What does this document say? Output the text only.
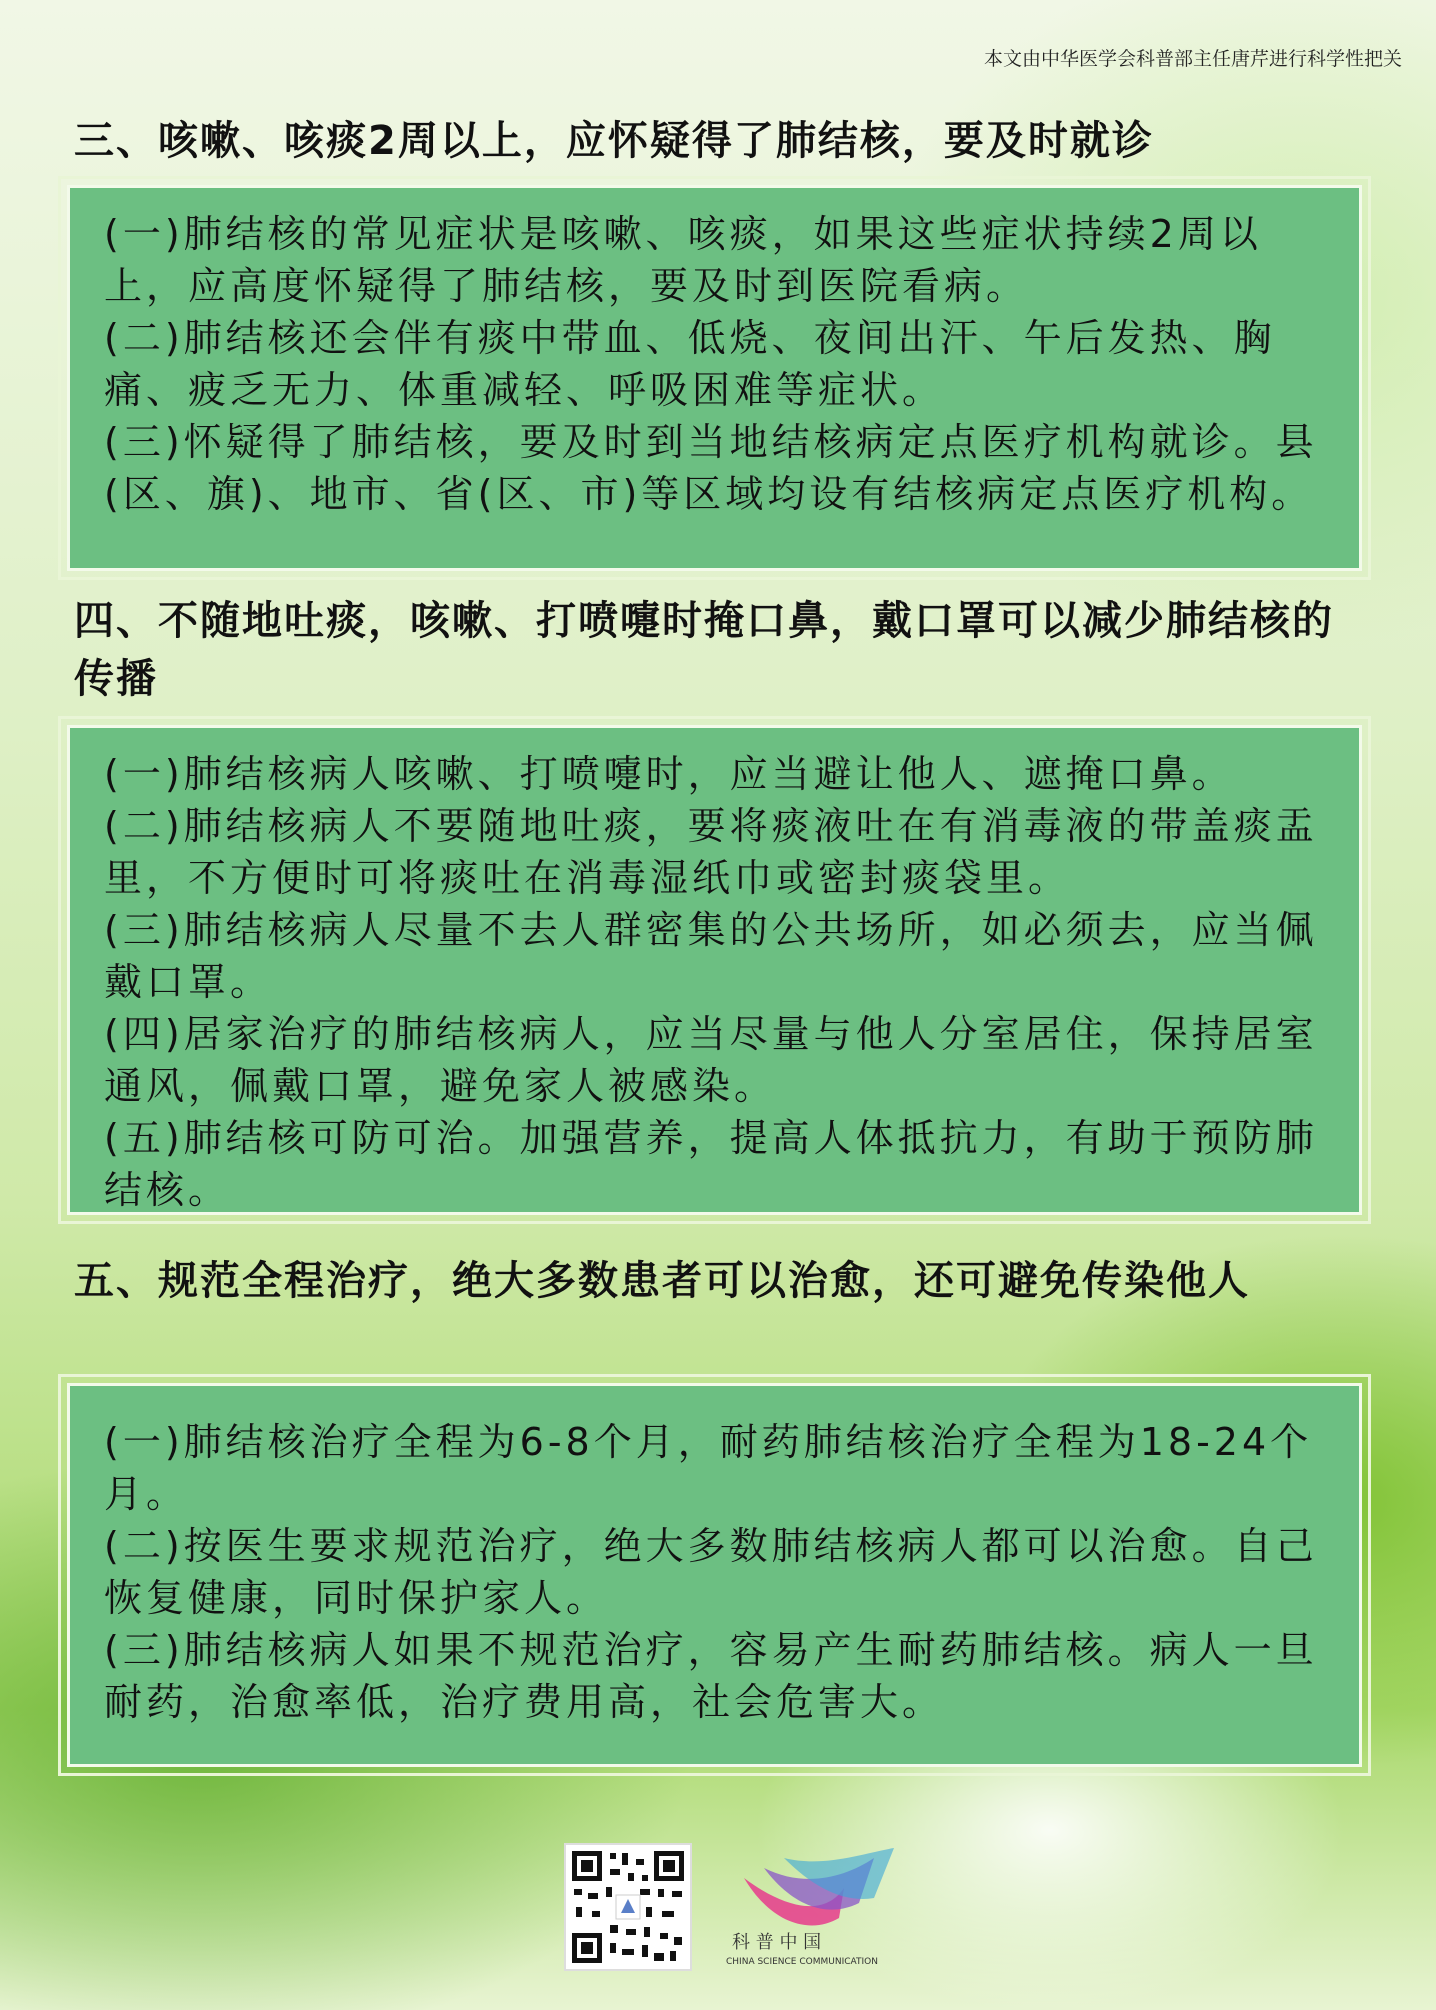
本文由中华医学会科普部主任唐芹进行科学性把关
三、咳嗽、咳痰2周以上，应怀疑得了肺结核，要及时就诊

(一)肺结核的常见症状是咳嗽、咳痰，如果这些症状持续2周以上，应高度怀疑得了肺结核，要及时到医院看病。

(二)肺结核还会伴有痰中带血、低烧、夜间出汗、午后发热、胸痛、疲乏无力、体重减轻、呼吸困难等症状。

(三)怀疑得了肺结核，要及时到当地结核病定点医疗机构就诊。县(区、旗)、地市、省(区、市)等区域均设有结核病定点医疗机构。

四、不随地吐痰，咳嗽、打喷嚏时掩口鼻，戴口罩可以减少肺结核的传播

(一)肺结核病人咳嗽、打喷嚏时，应当避让他人、遮掩口鼻。

(二)肺结核病人不要随地吐痰，要将痰液吐在有消毒液的带盖痰盂里，不方便时可将痰吐在消毒湿纸巾或密封痰袋里。

(三)肺结核病人尽量不去人群密集的公共场所，如必须去，应当佩戴口罩。

(四)居家治疗的肺结核病人，应当尽量与他人分室居住，保持居室通风，佩戴口罩，避免家人被感染。

(五)肺结核可防可治。加强营养，提高人体抵抗力，有助于预防肺结核。

五、规范全程治疗，绝大多数患者可以治愈，还可避免传染他人

(一)肺结核治疗全程为6-8个月，耐药肺结核治疗全程为18-24个月。

(二)按医生要求规范治疗，绝大多数肺结核病人都可以治愈。自己恢复健康，同时保护家人。

(三)肺结核病人如果不规范治疗，容易产生耐药肺结核。病人一旦耐药，治愈率低，治疗费用高，社会危害大。

科 普 中 国
CHINA SCIENCE COMMUNICATION
